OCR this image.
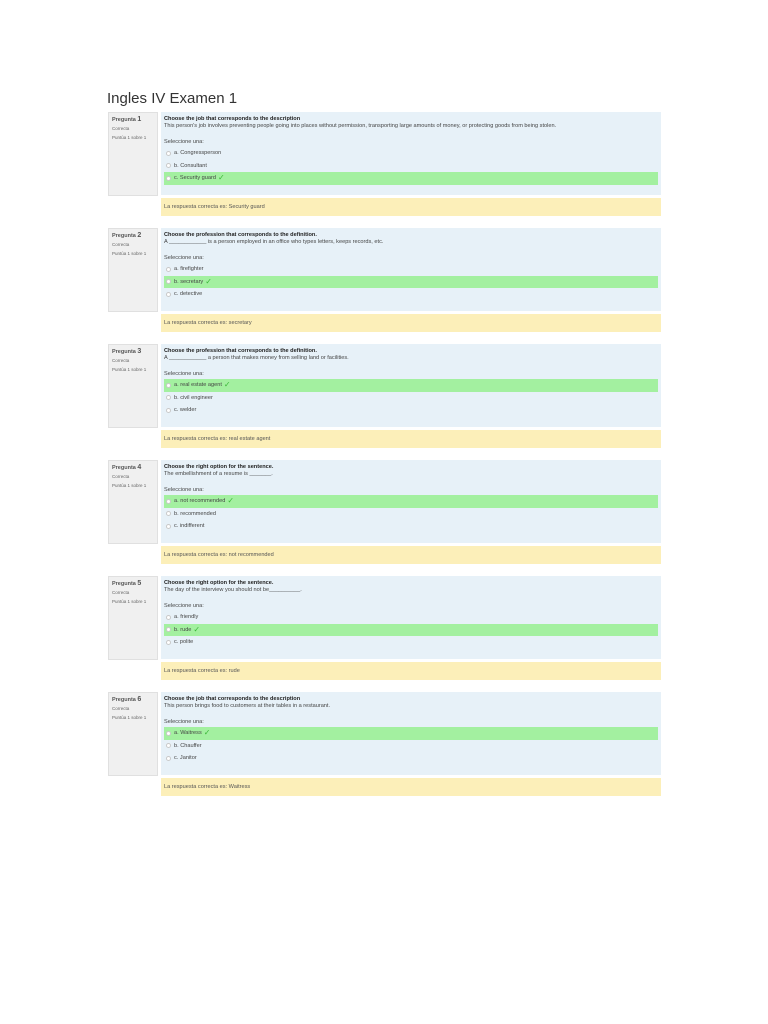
Ingles IV Examen 1
Pregunta 1
Correcta
Puntúa 1 sobre 1
Choose the job that corresponds to the description
This person's job involves preventing people going into places without permission, transporting large amounts of money, or protecting goods from being stolen.
Seleccione una:
a. Congressperson
b. Consultant
c. Security guard ✓
La respuesta correcta es: Security guard
Pregunta 2
Correcta
Puntúa 1 sobre 1
Choose the profession that corresponds to the definition.
A ____________ is a person employed in an office who types letters, keeps records, etc.
Seleccione una:
a. firefighter
b. secretary ✓
c. detective
La respuesta correcta es: secretary
Pregunta 3
Correcta
Puntúa 1 sobre 1
Choose the profession that corresponds to the definition.
A ____________ a person that makes money from selling land or facilities.
Seleccione una:
a. real estate agent ✓
b. civil engineer
c. welder
La respuesta correcta es: real estate agent
Pregunta 4
Correcta
Puntúa 1 sobre 1
Choose the right option for the sentence.
The embellishment of a resume is _______.
Seleccione una:
a. not recommended ✓
b. recommended
c. indifferent
La respuesta correcta es: not recommended
Pregunta 5
Correcta
Puntúa 1 sobre 1
Choose the right option for the sentence.
The day of the interview you should not be__________.
Seleccione una:
a. friendly
b. rude ✓
c. polite
La respuesta correcta es: rude
Pregunta 6
Correcta
Puntúa 1 sobre 1
Choose the job that corresponds to the description
This person brings food to customers at their tables in a restaurant.
Seleccione una:
a. Waitress ✓
b. Chauffer
c. Janitor
La respuesta correcta es: Waitress
